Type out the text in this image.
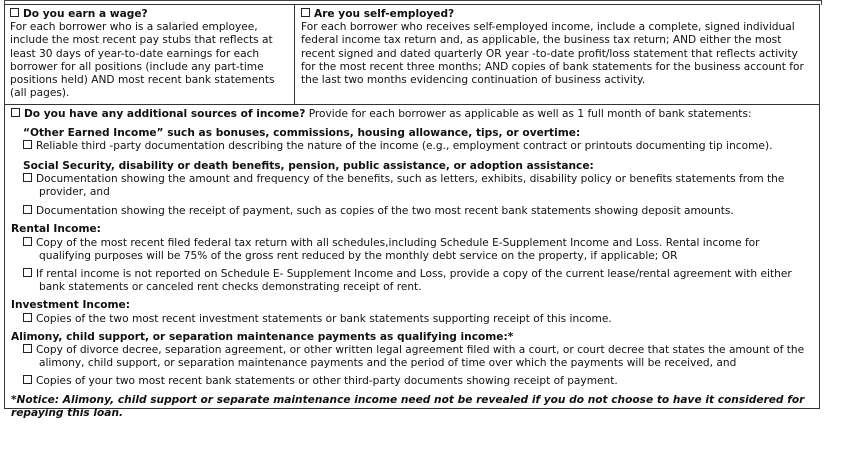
Do you earn a wage?

For each borrower who is a salaried employee, include the most recent pay stubs that reflects at least 30 days of year-to-date earnings for each borrower for all positions (include any part-time positions held) AND most recent bank statements (all pages).

Are you self-employed?

For each borrower who receives self-employed income, include a complete, signed individual federal income tax return and, as applicable, the business tax return; AND either the most recent signed and dated quarterly OR year -to-date profit/loss statement that reflects activity for the most recent three months; AND copies of bank statements for the business account for the last two months evidencing continuation of business activity.

Do you have any additional sources of income? Provide for each borrower as applicable as well as 1 full month of bank statements:

“Other Earned Income” such as bonuses, commissions, housing allowance, tips, or overtime:

Reliable third -party documentation describing the nature of the income (e.g., employment contract or printouts documenting tip income).

Social Security, disability or death benefits, pension, public assistance, or adoption assistance:

Documentation showing the amount and frequency of the benefits, such as letters, exhibits, disability policy or benefits statements from the provider, and

Documentation showing the receipt of payment, such as copies of the two most recent bank statements showing deposit amounts.

Rental Income:

Copy of the most recent filed federal tax return with all schedules,including Schedule E-Supplement Income and Loss. Rental income for qualifying purposes will be 75% of the gross rent reduced by the monthly debt service on the property, if applicable; OR

If rental income is not reported on Schedule E- Supplement Income and Loss, provide a copy of the current lease/rental agreement with either bank statements or canceled rent checks demonstrating receipt of rent.

Investment Income:

Copies of the two most recent investment statements or bank statements supporting receipt of this income.

Alimony, child support, or separation maintenance payments as qualifying income:*

Copy of divorce decree, separation agreement, or other written legal agreement filed with a court, or court decree that states the amount of the alimony, child support, or separation maintenance payments and the period of time over which the payments will be received, and

Copies of your two most recent bank statements or other third-party documents showing receipt of payment.

*Notice: Alimony, child support or separate maintenance income need not be revealed if you do not choose to have it considered for repaying this loan.
